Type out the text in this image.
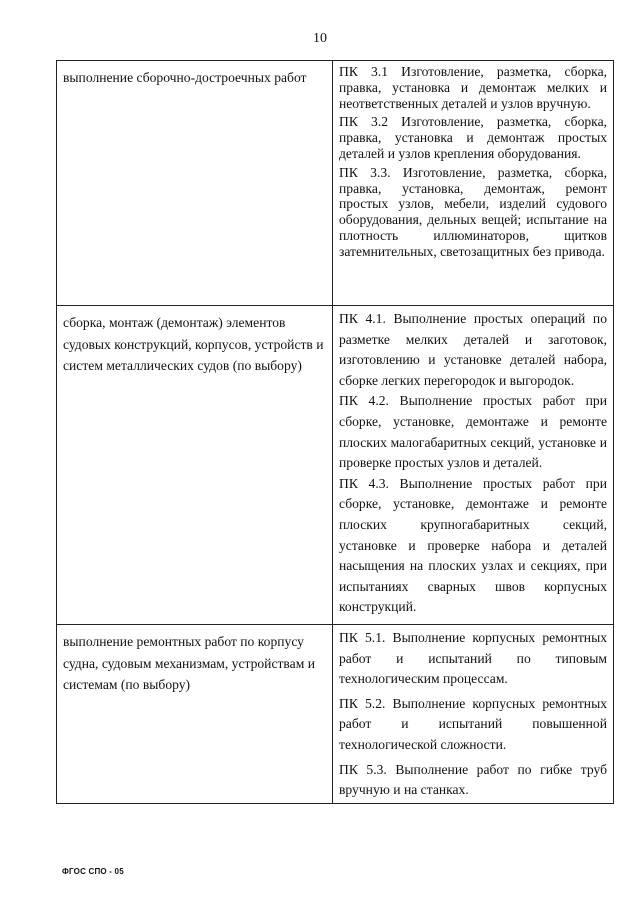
10
выполнение сборочно-достроечных работ	ПК 3.1 Изготовление, разметка, сборка, правка, установка и демонтаж мелких и неответственных деталей и узлов вручную.

ПК 3.2 Изготовление, разметка, сборка, правка, установка и демонтаж простых деталей и узлов крепления оборудования.

ПК 3.3. Изготовление, разметка, сборка, правка, установка, демонтаж, ремонт простых узлов, мебели, изделий судового оборудования, дельных вещей; испытание на плотность иллюминаторов, щитков затемнительных, светозащитных без привода.

сборка, монтаж (демонтаж) элементов судовых конструкций, корпусов, устройств и систем металлических судов (по выбору)	ПК 4.1. Выполнение простых операций по разметке мелких деталей и заготовок, изготовлению и установке деталей набора, сборке легких перегородок и выгородок.

ПК 4.2. Выполнение простых работ при сборке, установке, демонтаже и ремонте плоских малогабаритных секций, установке и проверке простых узлов и деталей.

ПК 4.3. Выполнение простых работ при сборке, установке, демонтаже и ремонте плоских крупногабаритных секций, установке и проверке набора и деталей насыщения на плоских узлах и секциях, при испытаниях сварных швов корпусных конструкций.

выполнение ремонтных работ по корпусу судна, судовым механизмам, устройствам и системам (по выбору)	ПК 5.1. Выполнение корпусных ремонтных работ и испытаний по типовым технологическим процессам.

ПК 5.2. Выполнение корпусных ремонтных работ и испытаний повышенной технологической сложности.

ПК 5.3. Выполнение работ по гибке труб вручную и на станках.

ФГОС СПО - 05
